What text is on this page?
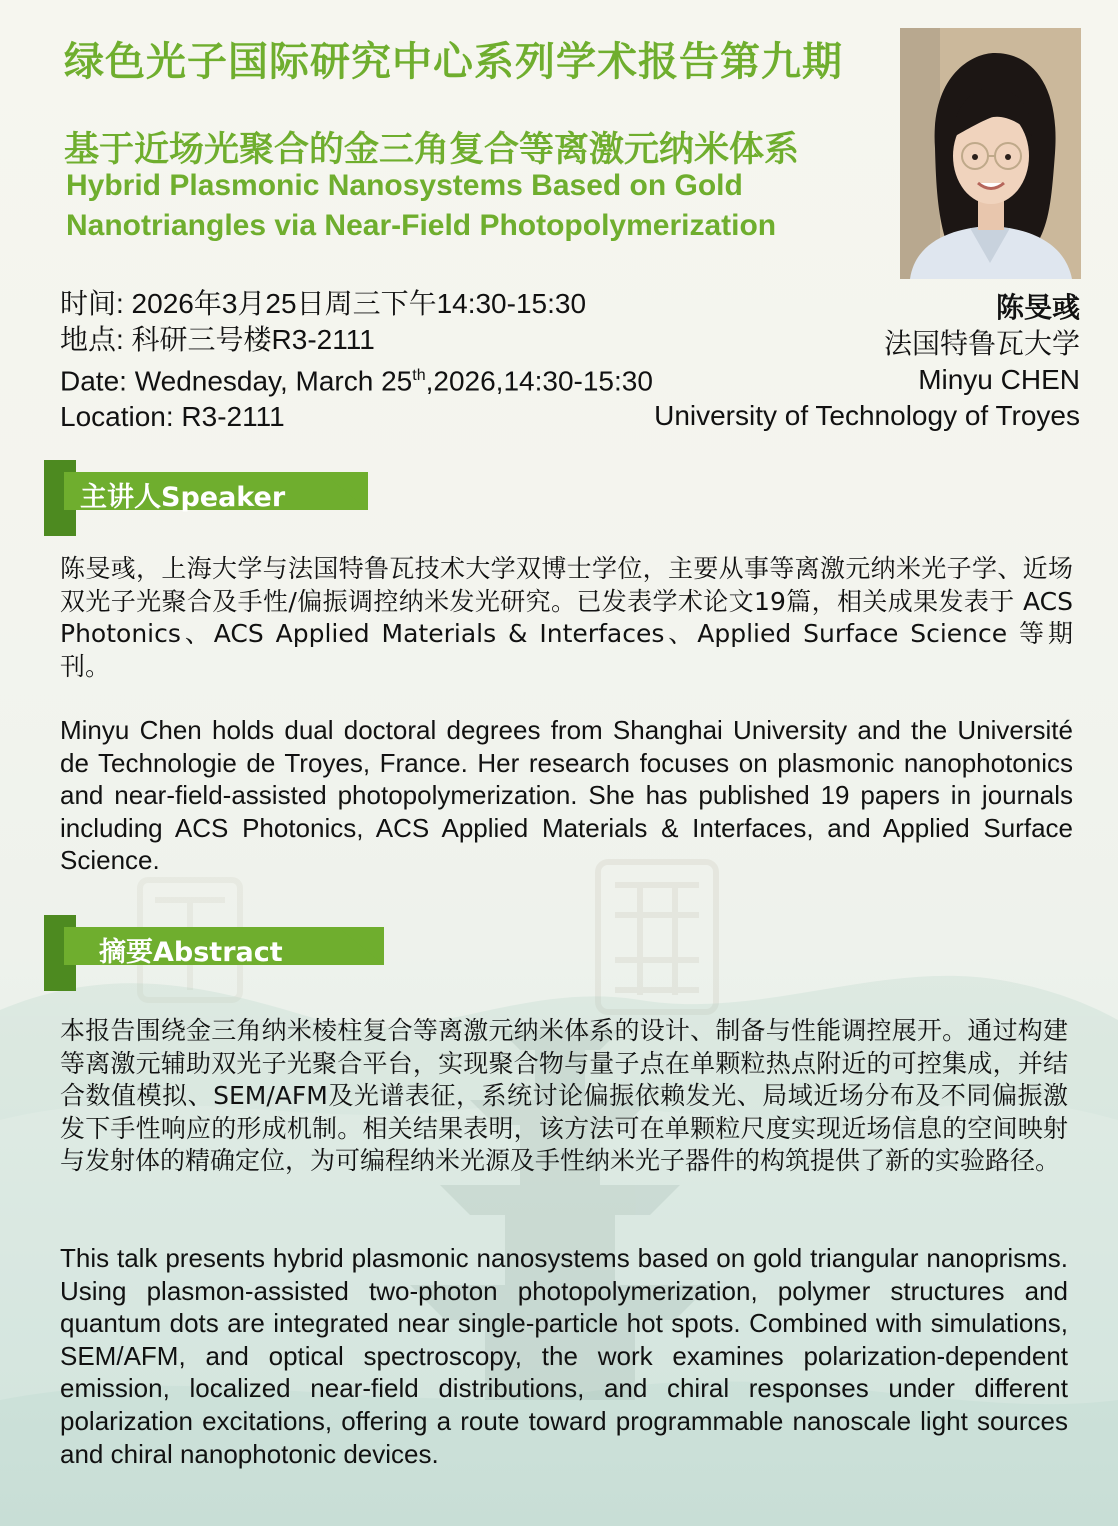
绿色光子国际研究中心系列学术报告第九期
基于近场光聚合的金三角复合等离激元纳米体系
Hybrid Plasmonic Nanosystems Based on Gold
Nanotriangles via Near-Field Photopolymerization
时间: 2026年3月25日周三下午14:30-15:30
地点: 科研三号楼R3-2111
Date: Wednesday, March 25th,2026,14:30-15:30
Location: R3-2111
陈旻彧
法国特鲁瓦大学
Minyu CHEN
University of Technology of Troyes
主讲人Speaker
陈旻彧，上海大学与法国特鲁瓦技术大学双博士学位，主要从事等离激元纳米光子学、近场双光子光聚合及手性/偏振调控纳米发光研究。已发表学术论文19篇，相关成果发表于 ACS Photonics、ACS Applied Materials & Interfaces、Applied Surface Science 等期刊。
Minyu Chen holds dual doctoral degrees from Shanghai University and the Université de Technologie de Troyes, France. Her research focuses on plasmonic nanophotonics and near-field-assisted photopolymerization. She has published 19 papers in journals including ACS Photonics, ACS Applied Materials & Interfaces, and Applied Surface Science.
摘要Abstract
本报告围绕金三角纳米棱柱复合等离激元纳米体系的设计、制备与性能调控展开。通过构建等离激元辅助双光子光聚合平台，实现聚合物与量子点在单颗粒热点附近的可控集成，并结合数值模拟、SEM/AFM及光谱表征，系统讨论偏振依赖发光、局域近场分布及不同偏振激发下手性响应的形成机制。相关结果表明，该方法可在单颗粒尺度实现近场信息的空间映射与发射体的精确定位，为可编程纳米光源及手性纳米光子器件的构筑提供了新的实验路径。
This talk presents hybrid plasmonic nanosystems based on gold triangular nanoprisms. Using plasmon-assisted two-photon photopolymerization, polymer structures and quantum dots are integrated near single-particle hot spots. Combined with simulations, SEM/AFM, and optical spectroscopy, the work examines polarization-dependent emission, localized near-field distributions, and chiral responses under different polarization excitations, offering a route toward programmable nanoscale light sources and chiral nanophotonic devices.
